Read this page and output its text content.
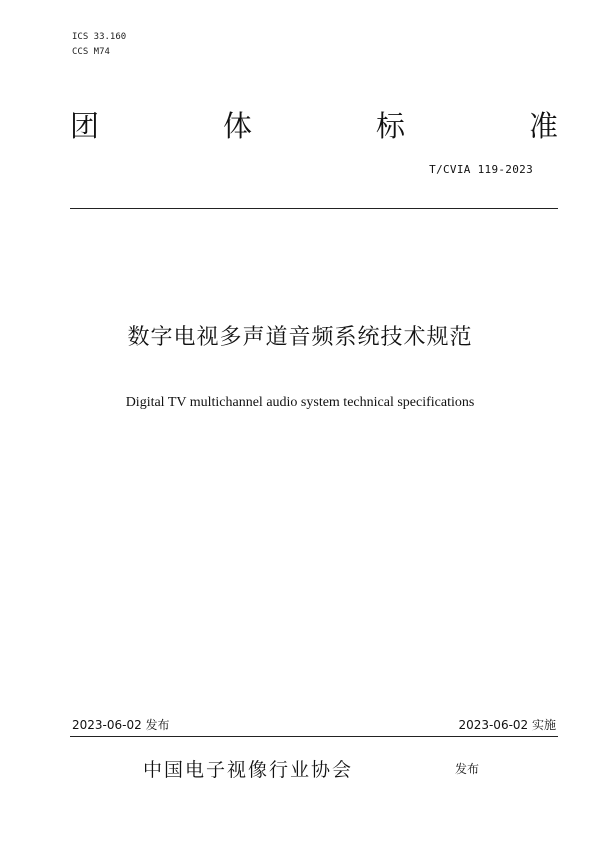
ICS 33.160
CCS M74
团	体	标	准
T/CVIA 119-2023
数字电视多声道音频系统技术规范
Digital TV multichannel audio system technical specifications
2023-06-02 发布	2023-06-02 实施
中国电子视像行业协会	发布
